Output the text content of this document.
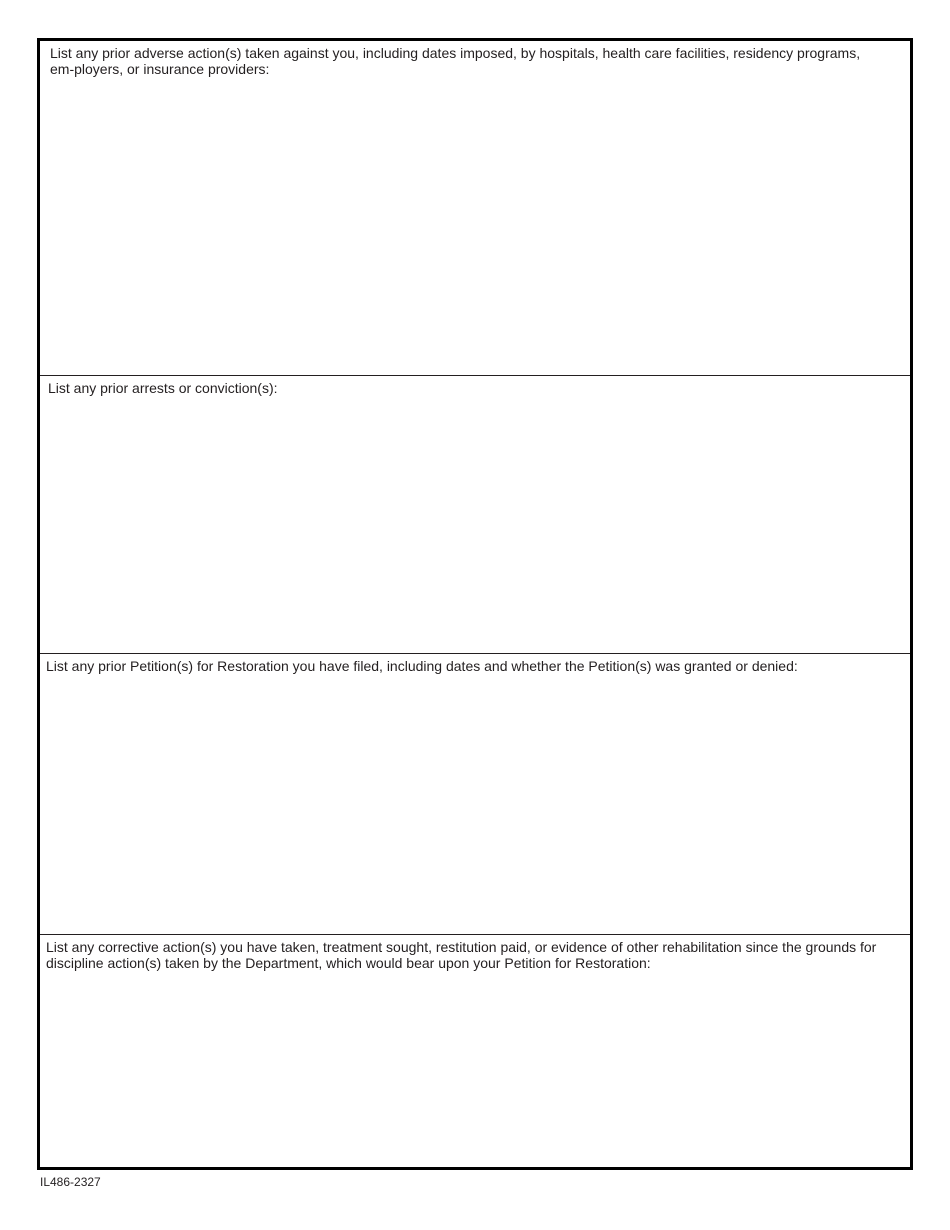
List any prior adverse action(s) taken against you, including dates imposed, by hospitals, health care facilities, residency programs, em-ployers, or insurance providers:

List any prior arrests or conviction(s):

List any prior Petition(s) for Restoration you have filed, including dates and whether the Petition(s) was granted or denied:

List any corrective action(s) you have taken, treatment sought, restitution paid, or evidence of other rehabilitation since the grounds for discipline action(s) taken by the Department, which would bear upon your Petition for Restoration:

IL486-2327
